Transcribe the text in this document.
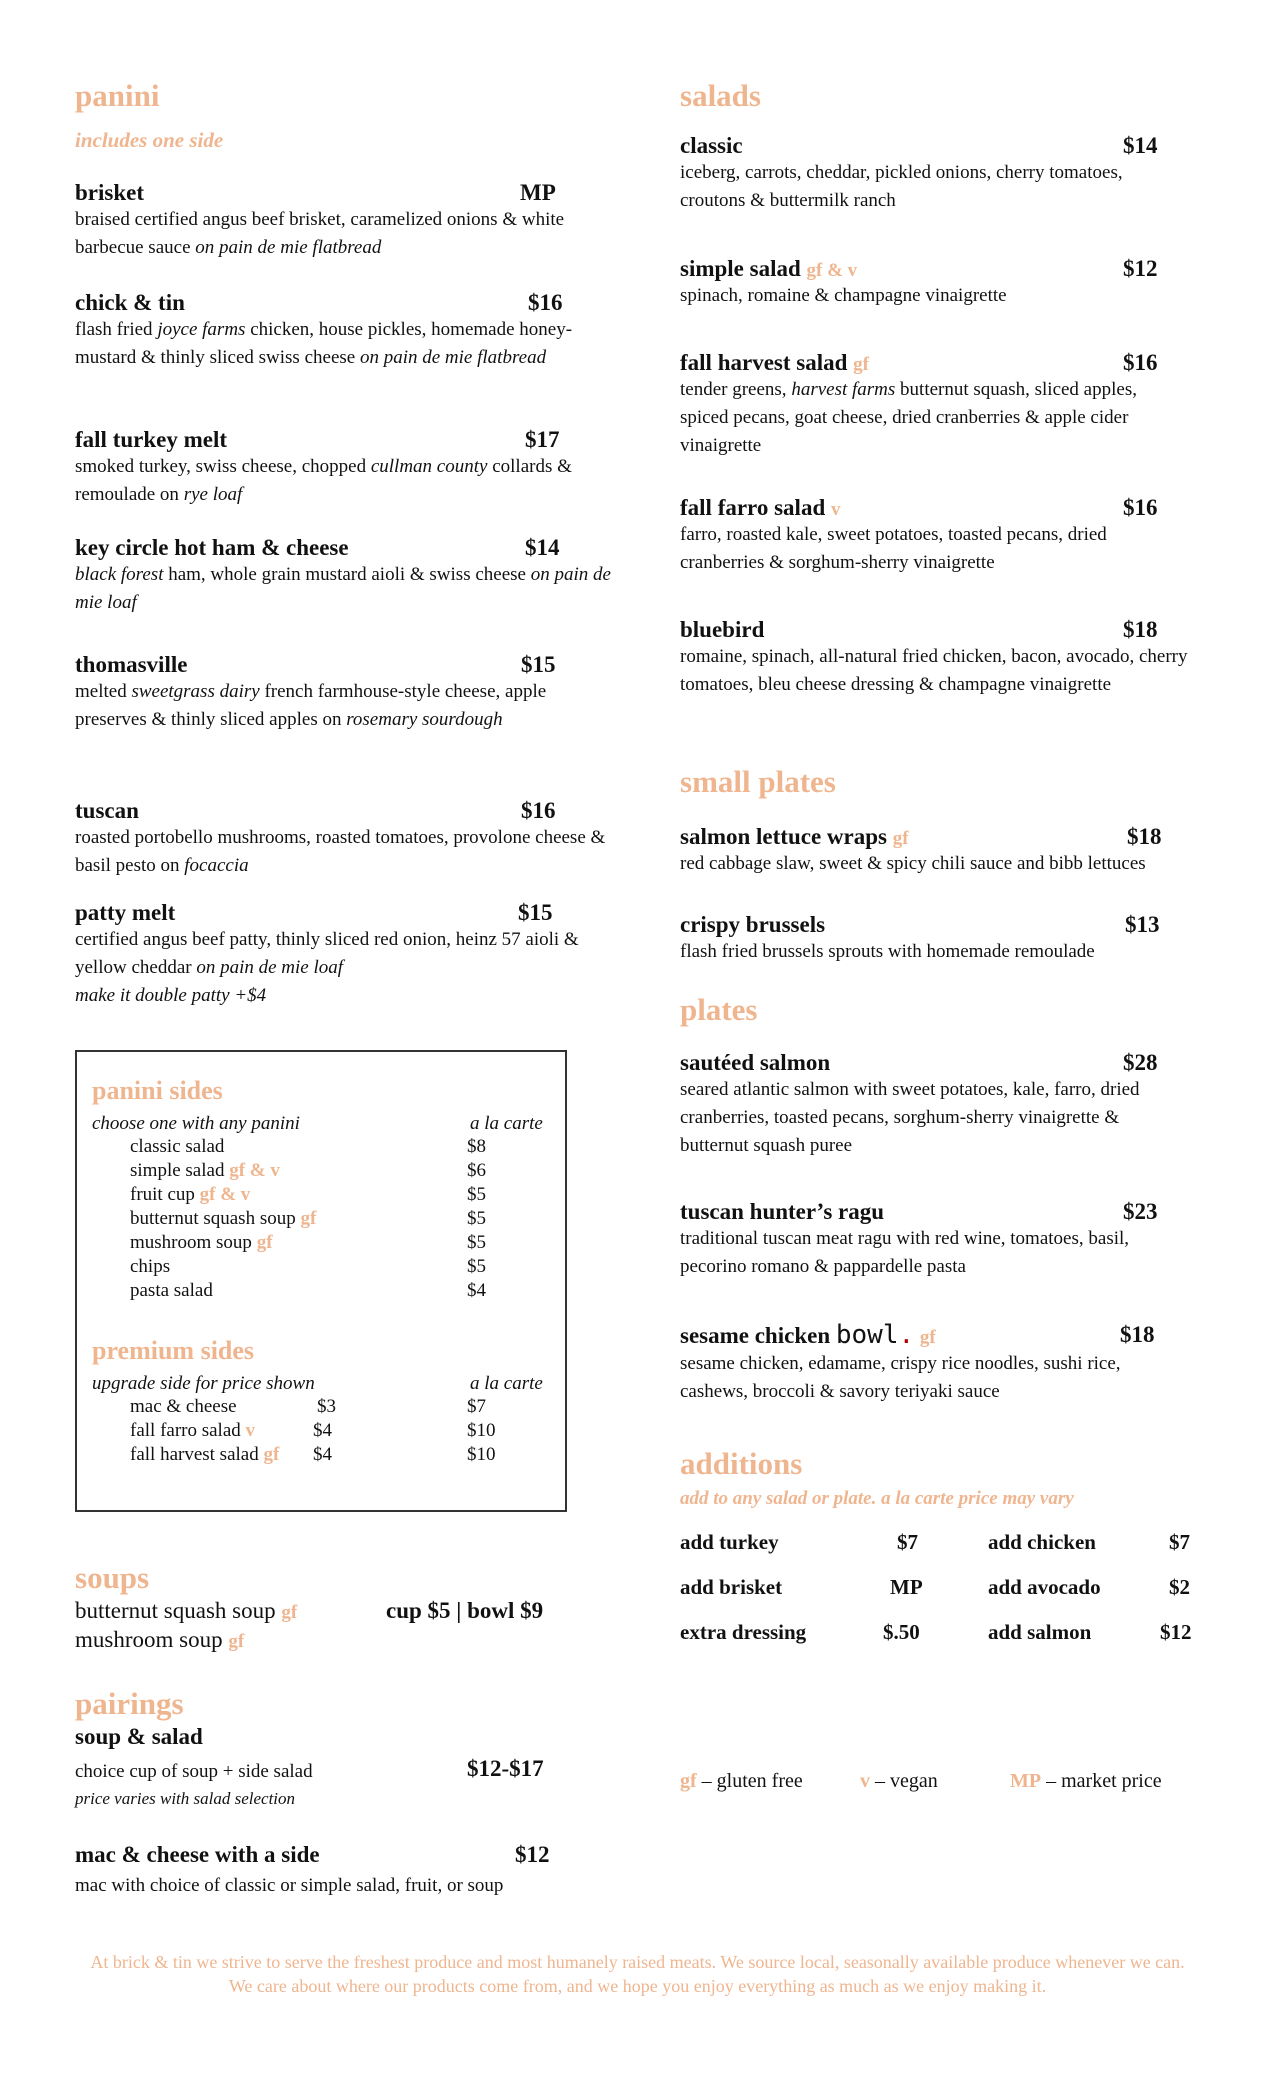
panini
includes one side
brisket	MP
braised certified angus beef brisket, caramelized onions & white barbecue sauce on pain de mie flatbread
chick & tin	$16
flash fried joyce farms chicken, house pickles, homemade honey-mustard & thinly sliced swiss cheese on pain de mie flatbread
fall turkey melt	$17
smoked turkey, swiss cheese, chopped cullman county collards & remoulade on rye loaf
key circle hot ham & cheese	$14
black forest ham, whole grain mustard aioli & swiss cheese on pain de mie loaf
thomasville	$15
melted sweetgrass dairy french farmhouse-style cheese, apple preserves & thinly sliced apples on rosemary sourdough
tuscan	$16
roasted portobello mushrooms, roasted tomatoes, provolone cheese & basil pesto on focaccia
patty melt	$15
certified angus beef patty, thinly sliced red onion, heinz 57 aioli & yellow cheddar on pain de mie loaf
make it double patty +$4
panini sides
choose one with any panini	a la carte
classic salad	$8
simple salad gf & v	$6
fruit cup gf & v	$5
butternut squash soup gf	$5
mushroom soup gf	$5
chips	$5
pasta salad	$4
premium sides
upgrade side for price shown	a la carte
mac & cheese	$3	$7
fall farro salad v	$4	$10
fall harvest salad gf $4	$10
soups
butternut squash soup gf
mushroom soup gf
cup $5 | bowl $9
pairings
soup & salad
choice cup of soup + side salad	$12-$17
price varies with salad selection
mac & cheese with a side	$12
mac with choice of classic or simple salad, fruit, or soup
salads
classic	$14
iceberg, carrots, cheddar, pickled onions, cherry tomatoes, croutons & buttermilk ranch
simple salad gf & v	$12
spinach, romaine & champagne vinaigrette
fall harvest salad gf	$16
tender greens, harvest farms butternut squash, sliced apples, spiced pecans, goat cheese, dried cranberries & apple cider vinaigrette
fall farro salad v	$16
farro, roasted kale, sweet potatoes, toasted pecans, dried cranberries & sorghum-sherry vinaigrette
bluebird	$18
romaine, spinach, all-natural fried chicken, bacon, avocado, cherry tomatoes, bleu cheese dressing & champagne vinaigrette
small plates
salmon lettuce wraps gf	$18
red cabbage slaw, sweet & spicy chili sauce and bibb lettuces
crispy brussels	$13
flash fried brussels sprouts with homemade remoulade
plates
sautéed salmon	$28
seared atlantic salmon with sweet potatoes, kale, farro, dried cranberries, toasted pecans, sorghum-sherry vinaigrette & butternut squash puree
tuscan hunter’s ragu	$23
traditional tuscan meat ragu with red wine, tomatoes, basil, pecorino romano & pappardelle pasta
sesame chicken bowl. gf	$18
sesame chicken, edamame, crispy rice noodles, sushi rice, cashews, broccoli & savory teriyaki sauce
additions
add to any salad or plate. a la carte price may vary
add turkey	$7	add chicken	$7
add brisket	MP	add avocado	$2
extra dressing	$.50	add salmon	$12
gf – gluten free	v – vegan	MP – market price
At brick & tin we strive to serve the freshest produce and most humanely raised meats. We source local, seasonally available produce whenever we can. We care about where our products come from, and we hope you enjoy everything as much as we enjoy making it.
